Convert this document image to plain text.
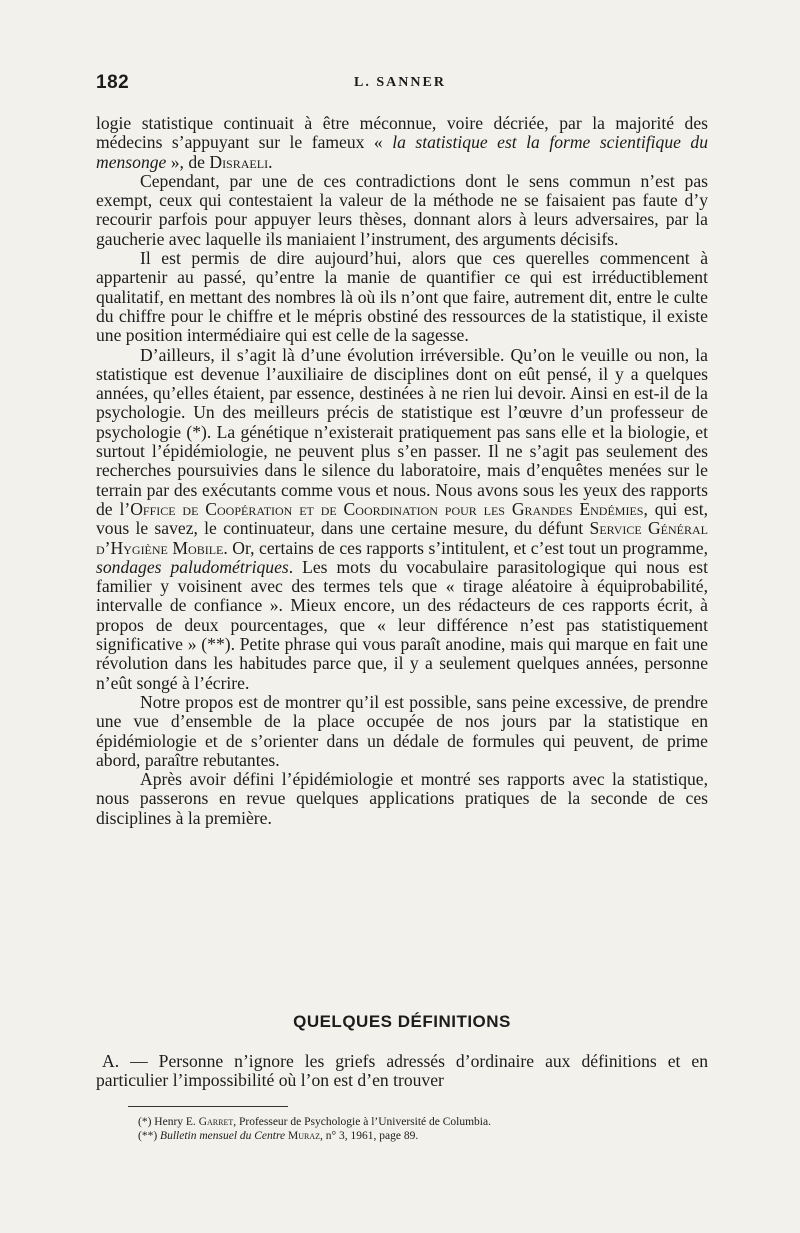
182	L. SANNER

logie statistique continuait à être méconnue, voire décriée, par la majorité des médecins s’appuyant sur le fameux « la statistique est la forme scientifique du mensonge », de Disraeli.

Cependant, par une de ces contradictions dont le sens commun n’est pas exempt, ceux qui contestaient la valeur de la méthode ne se faisaient pas faute d’y recourir parfois pour appuyer leurs thèses, donnant alors à leurs adversaires, par la gaucherie avec laquelle ils maniaient l’instrument, des arguments décisifs.

Il est permis de dire aujourd’hui, alors que ces querelles commencent à appartenir au passé, qu’entre la manie de quantifier ce qui est irréductiblement qualitatif, en mettant des nombres là où ils n’ont que faire, autrement dit, entre le culte du chiffre pour le chiffre et le mépris obstiné des ressources de la statistique, il existe une position intermédiaire qui est celle de la sagesse.

D’ailleurs, il s’agit là d’une évolution irréversible. Qu’on le veuille ou non, la statistique est devenue l’auxiliaire de disciplines dont on eût pensé, il y a quelques années, qu’elles étaient, par essence, destinées à ne rien lui devoir. Ainsi en est-il de la psychologie. Un des meilleurs précis de statistique est l’œuvre d’un professeur de psychologie (*). La génétique n’existerait pratiquement pas sans elle et la biologie, et surtout l’épidémiologie, ne peuvent plus s’en passer. Il ne s’agit pas seulement des recherches poursuivies dans le silence du laboratoire, mais d’enquêtes menées sur le terrain par des exécutants comme vous et nous. Nous avons sous les yeux des rapports de l’Office de Coopération et de Coordination pour les Grandes Endémies, qui est, vous le savez, le continuateur, dans une certaine mesure, du défunt Service Général d’Hygiène Mobile. Or, certains de ces rapports s’intitulent, et c’est tout un programme, sondages paludométriques. Les mots du vocabulaire parasitologique qui nous est familier y voisinent avec des termes tels que « tirage aléatoire à équiprobabilité, intervalle de confiance ». Mieux encore, un des rédacteurs de ces rapports écrit, à propos de deux pourcentages, que « leur différence n’est pas statistiquement significative » (**). Petite phrase qui vous paraît anodine, mais qui marque en fait une révolution dans les habitudes parce que, il y a seulement quelques années, personne n’eût songé à l’écrire.

Notre propos est de montrer qu’il est possible, sans peine excessive, de prendre une vue d’ensemble de la place occupée de nos jours par la statistique en épidémiologie et de s’orienter dans un dédale de formules qui peuvent, de prime abord, paraître rebutantes.

Après avoir défini l’épidémiologie et montré ses rapports avec la statistique, nous passerons en revue quelques applications pratiques de la seconde de ces disciplines à la première.

QUELQUES DÉFINITIONS

A. — Personne n’ignore les griefs adressés d’ordinaire aux définitions et en particulier l’impossibilité où l’on est d’en trouver

(*) Henry E. Garret, Professeur de Psychologie à l’Université de Columbia.
(**) Bulletin mensuel du Centre Muraz, n° 3, 1961, page 89.
